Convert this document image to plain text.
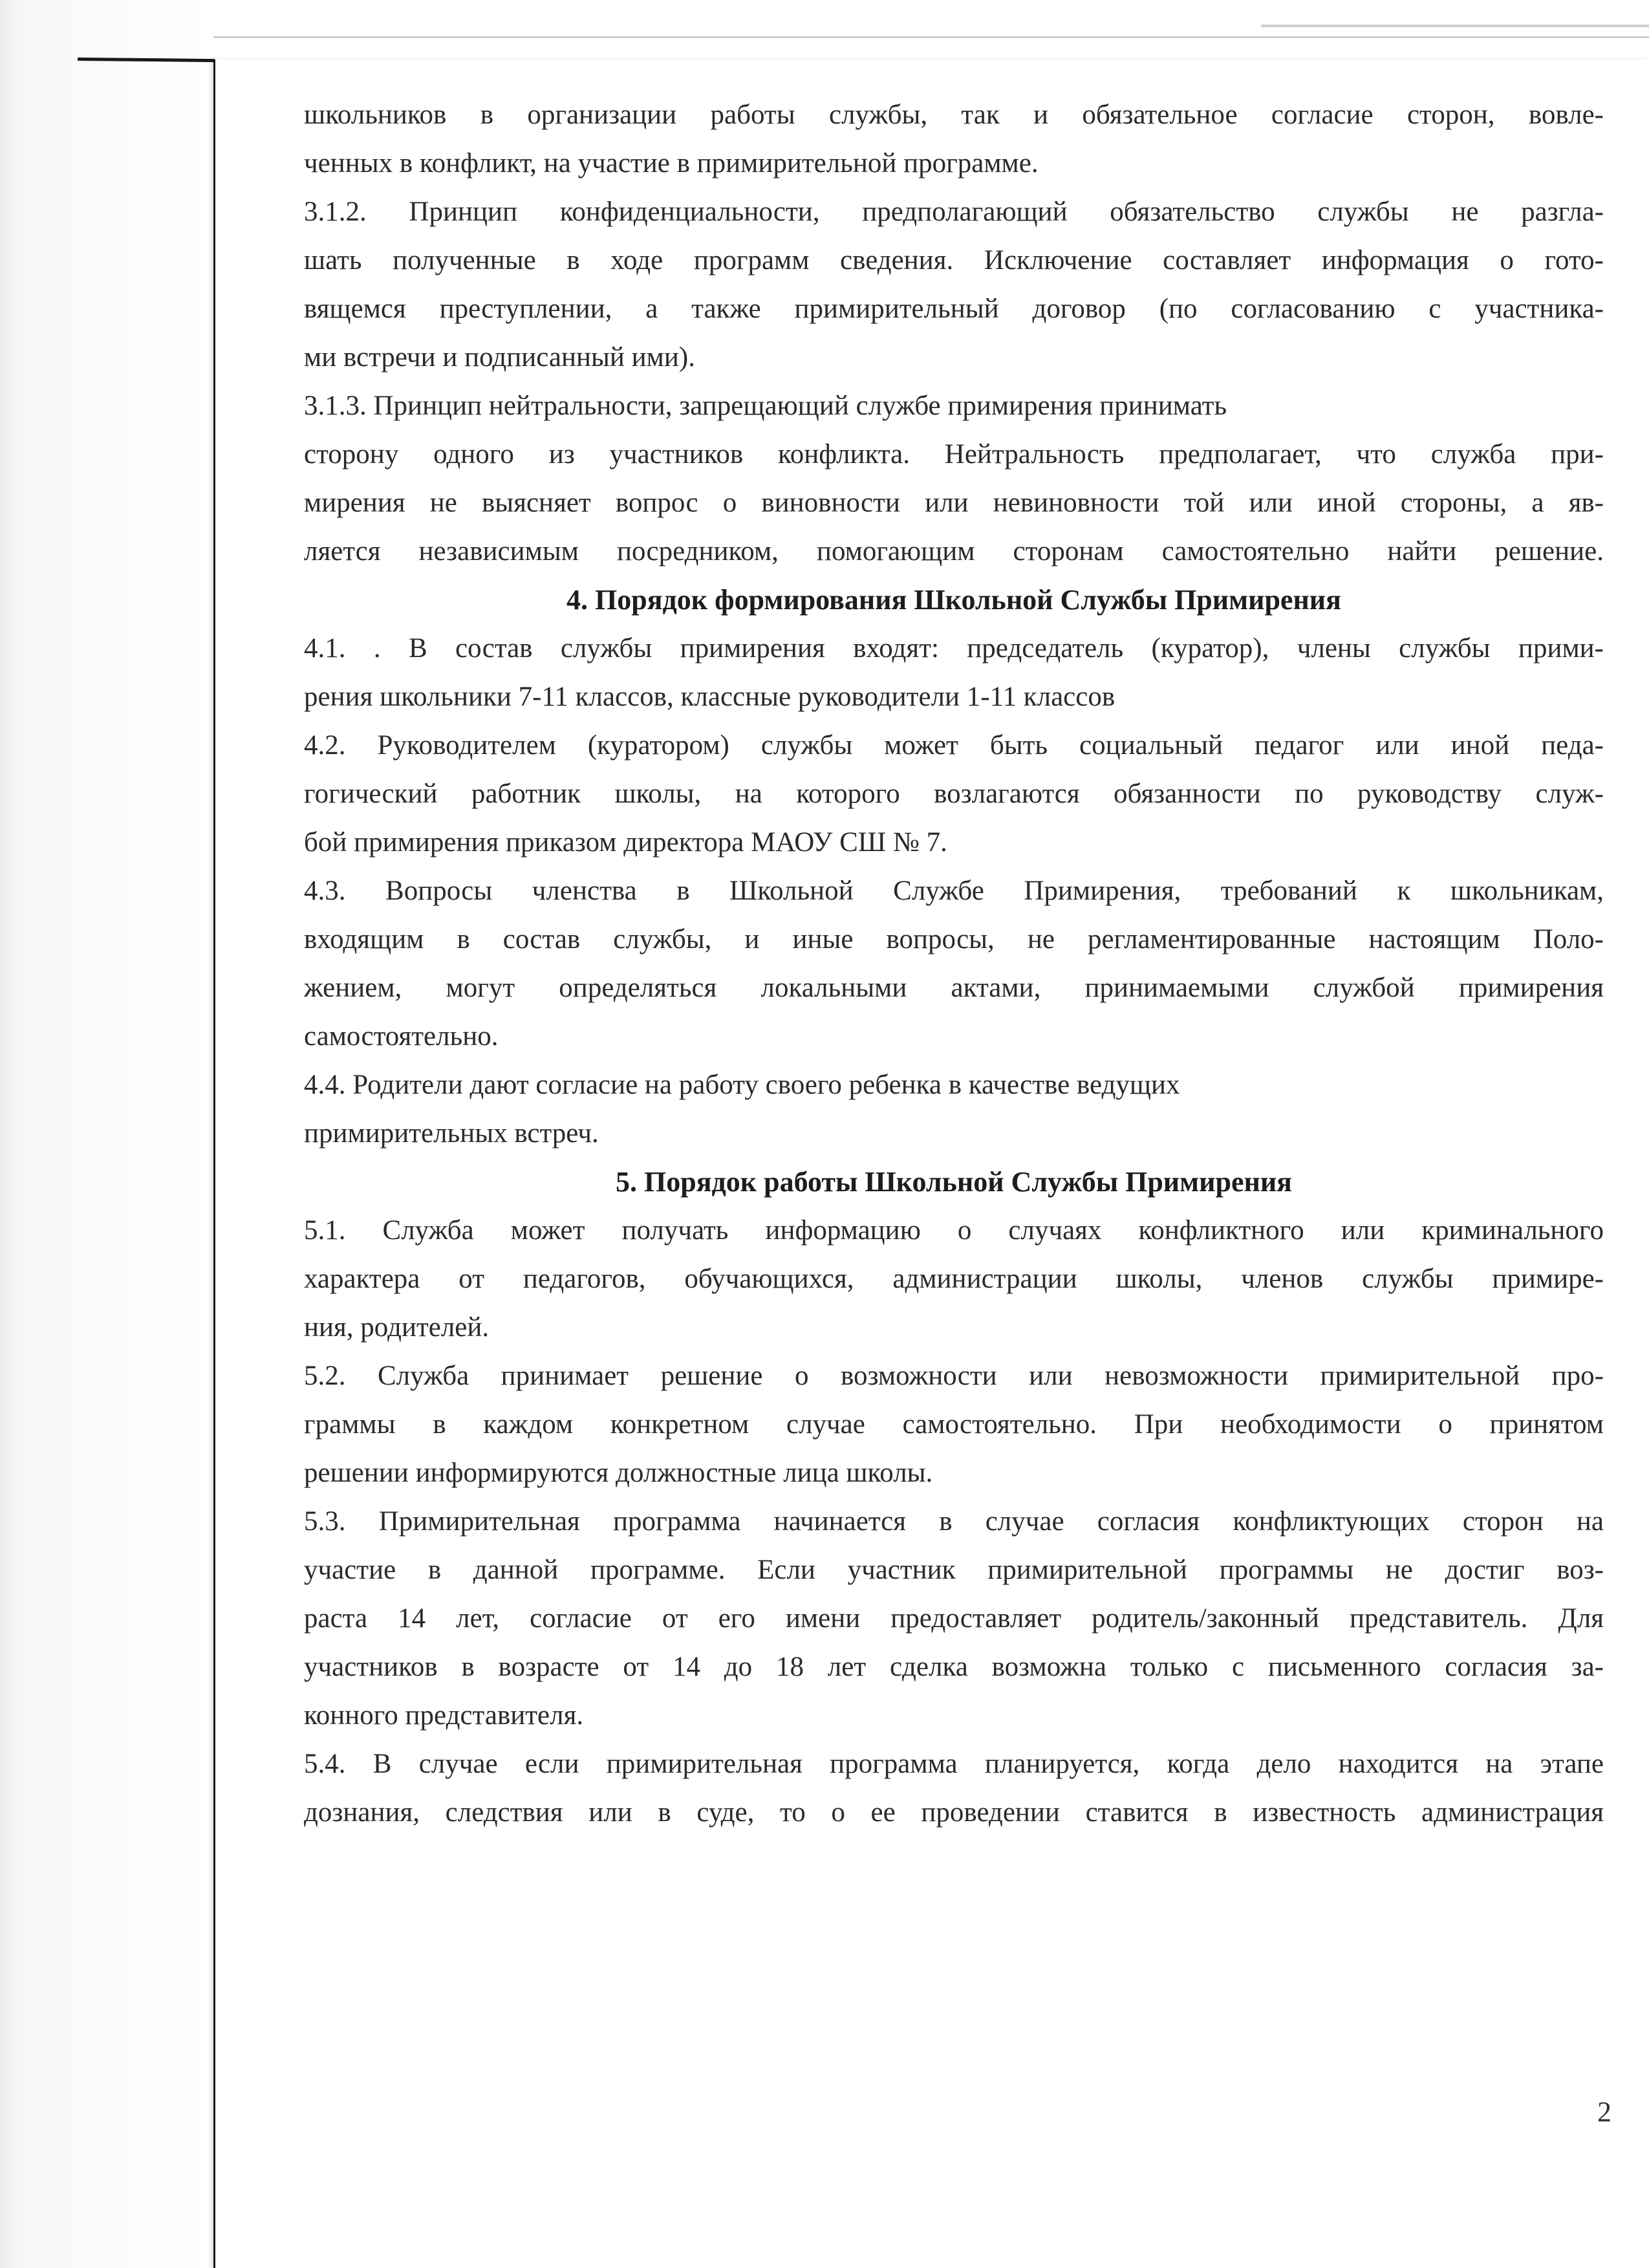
школьников в организации работы службы, так и обязательное согласие сторон, вовле-
ченных в конфликт, на участие в примирительной программе.
3.1.2. Принцип конфиденциальности, предполагающий обязательство службы не разгла-
шать полученные в ходе программ сведения. Исключение составляет информация о гото-
вящемся преступлении, а также примирительный договор (по согласованию с участника-
ми встречи и подписанный ими).
3.1.3. Принцип нейтральности, запрещающий службе примирения принимать
сторону одного из участников конфликта. Нейтральность предполагает, что служба при-
мирения не выясняет вопрос о виновности или невиновности той или иной стороны, а яв-
ляется независимым посредником, помогающим сторонам самостоятельно найти решение.
4. Порядок формирования Школьной Службы Примирения
4.1. . В состав службы примирения входят: председатель (куратор), члены службы прими-
рения школьники 7-11 классов, классные руководители 1-11 классов
4.2. Руководителем (куратором) службы может быть социальный педагог или иной педа-
гогический работник школы, на которого возлагаются обязанности по руководству служ-
бой примирения приказом директора МАОУ СШ № 7.
4.3. Вопросы членства в Школьной Службе Примирения, требований к школьникам,
входящим в состав службы, и иные вопросы, не регламентированные настоящим Поло-
жением, могут определяться локальными актами, принимаемыми службой примирения
самостоятельно.
4.4. Родители дают согласие на работу своего ребенка в качестве ведущих
примирительных встреч.
5. Порядок работы Школьной Службы Примирения
5.1. Служба может получать информацию о случаях конфликтного или криминального
характера от педагогов, обучающихся, администрации школы, членов службы примире-
ния, родителей.
5.2. Служба принимает решение о возможности или невозможности примирительной про-
граммы в каждом конкретном случае самостоятельно. При необходимости о принятом
решении информируются должностные лица школы.
5.3. Примирительная программа начинается в случае согласия конфликтующих сторон на
участие в данной программе. Если участник примирительной программы не достиг воз-
раста 14 лет, согласие от его имени предоставляет родитель/законный представитель. Для
участников в возрасте от 14 до 18 лет сделка возможна только с письменного согласия за-
конного представителя.
5.4. В случае если примирительная программа планируется, когда дело находится на этапе
дознания, следствия или в суде, то о ее проведении ставится в известность администрация
2
